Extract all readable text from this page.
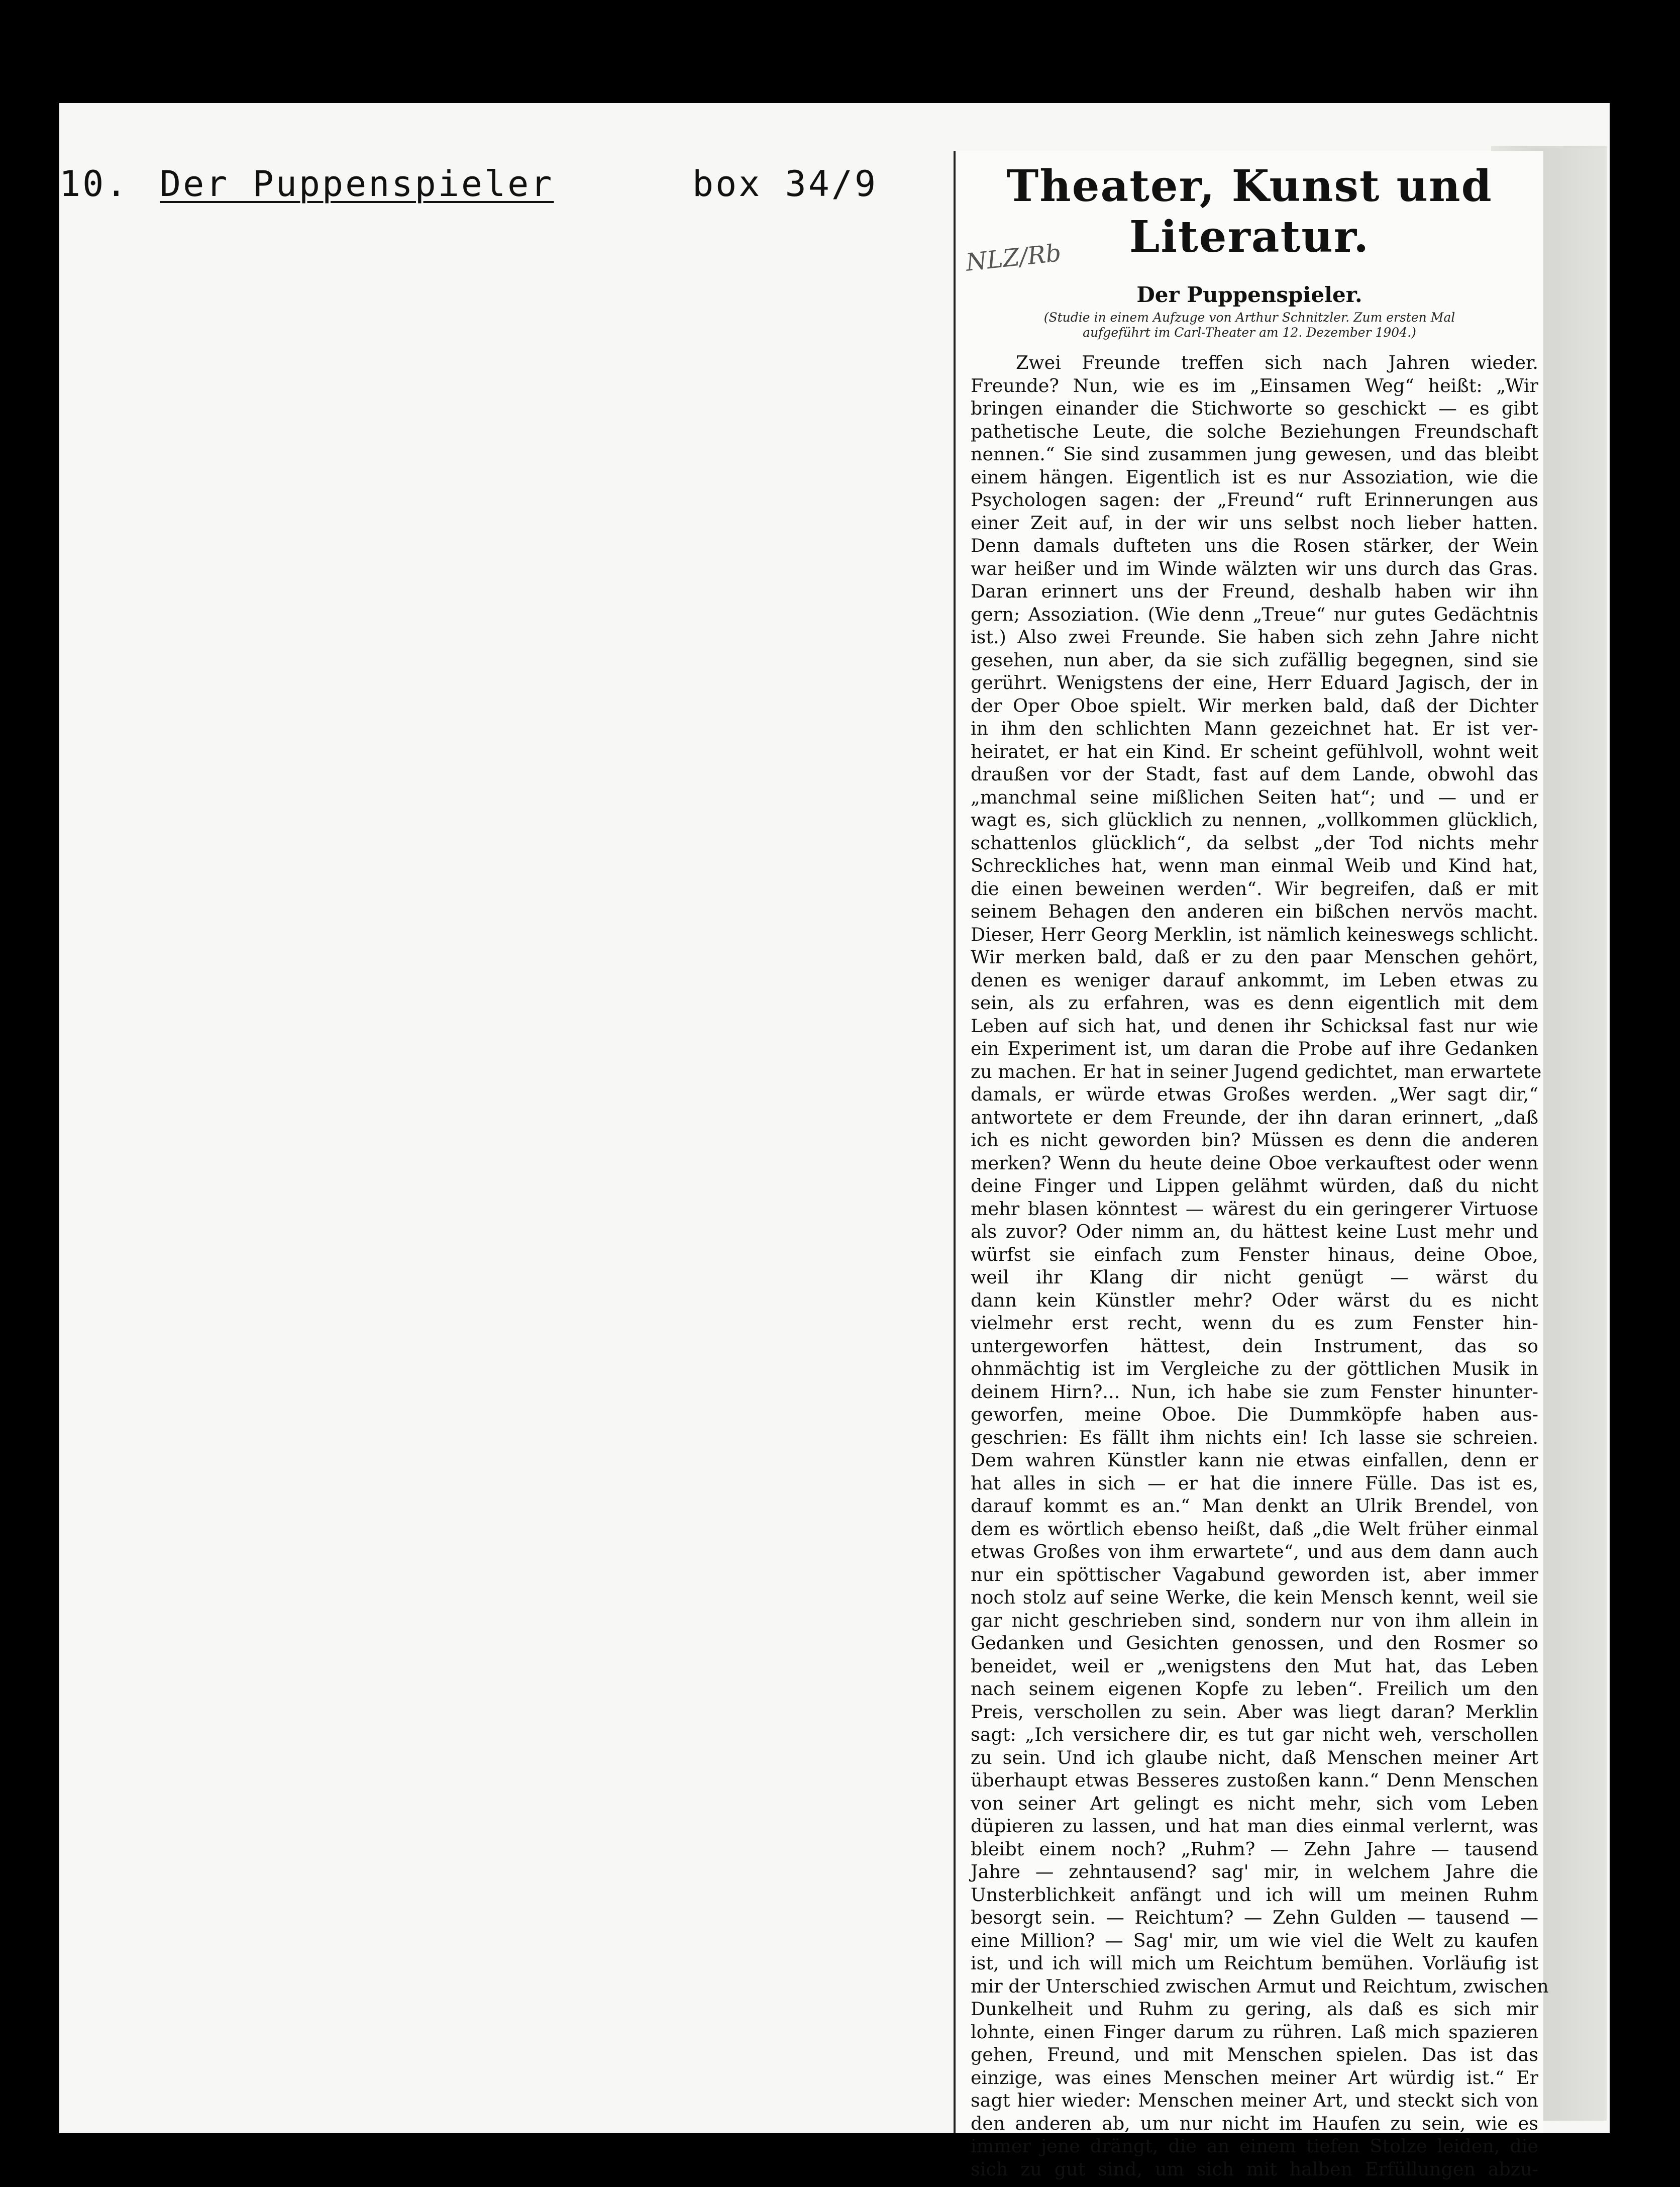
10. Der Puppenspieler	box 34/9	Theater, Kunst und Literatur.
NLZ/Rb
Der Puppenspieler.
(Studie in einem Aufzuge von Arthur Schnitzler. Zum ersten Mal
aufgeführt im Carl-Theater am 12. Dezember 1904.)
Zwei Freunde treffen sich nach Jahren wieder.
Freunde? Nun, wie es im „Einsamen Weg“ heißt: „Wir
bringen einander die Stichworte so geschickt — es gibt
pathetische Leute, die solche Beziehungen Freundschaft
nennen.“ Sie sind zusammen jung gewesen, und das bleibt
einem hängen. Eigentlich ist es nur Assoziation, wie die
Psychologen sagen: der „Freund“ ruft Erinnerungen aus
einer Zeit auf, in der wir uns selbst noch lieber hatten.
Denn damals dufteten uns die Rosen stärker, der Wein
war heißer und im Winde wälzten wir uns durch das Gras.
Daran erinnert uns der Freund, deshalb haben wir ihn
gern; Assoziation. (Wie denn „Treue“ nur gutes Gedächtnis
ist.) Also zwei Freunde. Sie haben sich zehn Jahre nicht
gesehen, nun aber, da sie sich zufällig begegnen, sind sie
gerührt. Wenigstens der eine, Herr Eduard Jagisch, der in
der Oper Oboe spielt. Wir merken bald, daß der Dichter
in ihm den schlichten Mann gezeichnet hat. Er ist ver-
heiratet, er hat ein Kind. Er scheint gefühlvoll, wohnt weit
draußen vor der Stadt, fast auf dem Lande, obwohl das
„manchmal seine mißlichen Seiten hat“; und — und er
wagt es, sich glücklich zu nennen, „vollkommen glücklich,
schattenlos glücklich“, da selbst „der Tod nichts mehr
Schreckliches hat, wenn man einmal Weib und Kind hat,
die einen beweinen werden“. Wir begreifen, daß er mit
seinem Behagen den anderen ein bißchen nervös macht.
Dieser, Herr Georg Merklin, ist nämlich keineswegs schlicht.
Wir merken bald, daß er zu den paar Menschen gehört,
denen es weniger darauf ankommt, im Leben etwas zu
sein, als zu erfahren, was es denn eigentlich mit dem
Leben auf sich hat, und denen ihr Schicksal fast nur wie
ein Experiment ist, um daran die Probe auf ihre Gedanken
zu machen. Er hat in seiner Jugend gedichtet, man erwartete
damals, er würde etwas Großes werden. „Wer sagt dir,“
antwortete er dem Freunde, der ihn daran erinnert, „daß
ich es nicht geworden bin? Müssen es denn die anderen
merken? Wenn du heute deine Oboe verkauftest oder wenn
deine Finger und Lippen gelähmt würden, daß du nicht
mehr blasen könntest — wärest du ein geringerer Virtuose
als zuvor? Oder nimm an, du hättest keine Lust mehr und
würfst sie einfach zum Fenster hinaus, deine Oboe,
weil ihr Klang dir nicht genügt — wärst du
dann kein Künstler mehr? Oder wärst du es nicht
vielmehr erst recht, wenn du es zum Fenster hin-
untergeworfen hättest, dein Instrument, das so
ohnmächtig ist im Vergleiche zu der göttlichen Musik in
deinem Hirn?... Nun, ich habe sie zum Fenster hinunter-
geworfen, meine Oboe. Die Dummköpfe haben aus-
geschrien: Es fällt ihm nichts ein! Ich lasse sie schreien.
Dem wahren Künstler kann nie etwas einfallen, denn er
hat alles in sich — er hat die innere Fülle. Das ist es,
darauf kommt es an.“ Man denkt an Ulrik Brendel, von
dem es wörtlich ebenso heißt, daß „die Welt früher einmal
etwas Großes von ihm erwartete“, und aus dem dann auch
nur ein spöttischer Vagabund geworden ist, aber immer
noch stolz auf seine Werke, die kein Mensch kennt, weil sie
gar nicht geschrieben sind, sondern nur von ihm allein in
Gedanken und Gesichten genossen, und den Rosmer so
beneidet, weil er „wenigstens den Mut hat, das Leben
nach seinem eigenen Kopfe zu leben“. Freilich um den
Preis, verschollen zu sein. Aber was liegt daran? Merklin
sagt: „Ich versichere dir, es tut gar nicht weh, verschollen
zu sein. Und ich glaube nicht, daß Menschen meiner Art
überhaupt etwas Besseres zustoßen kann.“ Denn Menschen
von seiner Art gelingt es nicht mehr, sich vom Leben
düpieren zu lassen, und hat man dies einmal verlernt, was
bleibt einem noch? „Ruhm? — Zehn Jahre — tausend
Jahre — zehntausend? sag' mir, in welchem Jahre die
Unsterblichkeit anfängt und ich will um meinen Ruhm
besorgt sein. — Reichtum? — Zehn Gulden — tausend —
eine Million? — Sag' mir, um wie viel die Welt zu kaufen
ist, und ich will mich um Reichtum bemühen. Vorläufig ist
mir der Unterschied zwischen Armut und Reichtum, zwischen
Dunkelheit und Ruhm zu gering, als daß es sich mir
lohnte, einen Finger darum zu rühren. Laß mich spazieren
gehen, Freund, und mit Menschen spielen. Das ist das
einzige, was eines Menschen meiner Art würdig ist.“ Er
sagt hier wieder: Menschen meiner Art, und steckt sich von
den anderen ab, um nur nicht im Haufen zu sein, wie es
immer jene drängt, die an einem tiefen Stolze leiden, die
sich zu gut sind, um sich mit halben Erfüllungen abzu-
